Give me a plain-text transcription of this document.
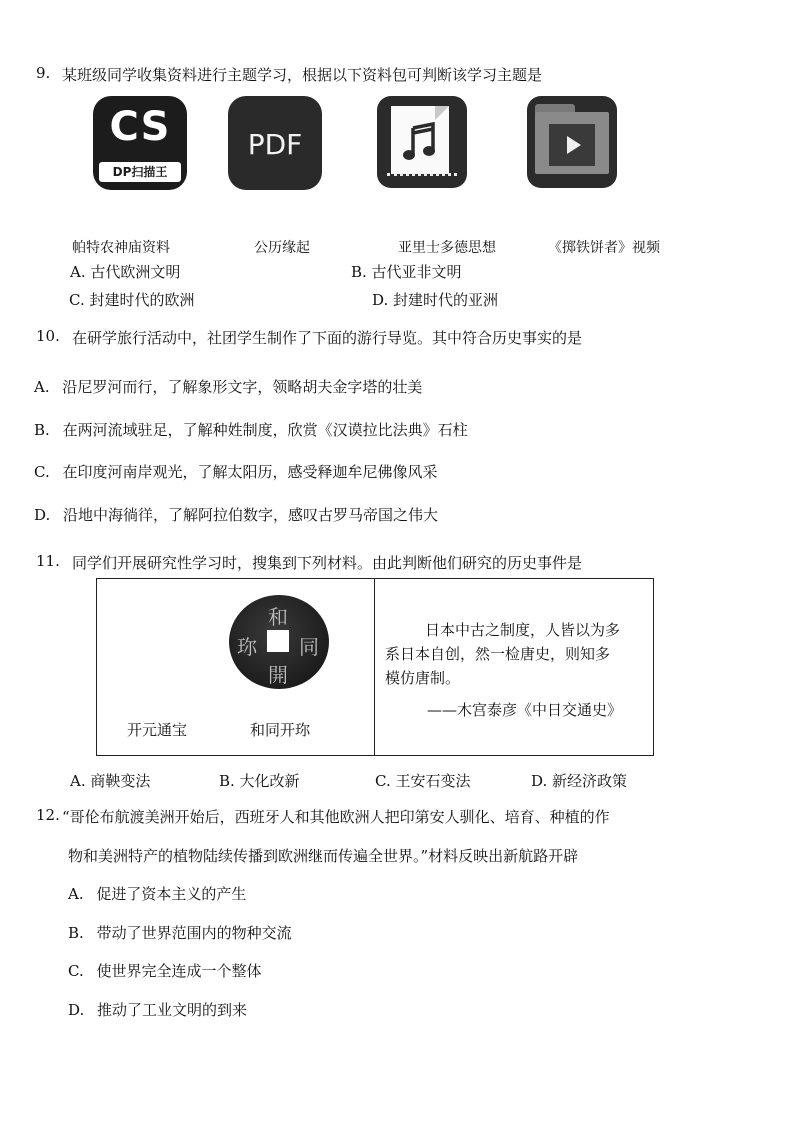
9. 某班级同学收集资料进行主题学习，根据以下资料包可判断该学习主题是
CS
DP扫描王
PDF
帕特农神庙资料	公历缘起	亚里士多德思想	《掷铁饼者》视频
A. 古代欧洲文明	B. 古代亚非文明
C. 封建时代的欧洲	D. 封建时代的亚洲
10. 在研学旅行活动中，社团学生制作了下面的游行导览。其中符合历史事实的是
A. 沿尼罗河而行，了解象形文字，领略胡夫金字塔的壮美
B. 在两河流域驻足，了解种姓制度，欣赏《汉谟拉比法典》石柱
C. 在印度河南岸观光，了解太阳历，感受释迦牟尼佛像风采
D. 沿地中海徜徉，了解阿拉伯数字，感叹古罗马帝国之伟大
11. 同学们开展研究性学习时，搜集到下列材料。由此判断他们研究的历史事件是
和
同
開
珎
开元通宝	和同开珎
日本中古之制度，人皆以为多
系日本自创，然一检唐史，则知多
模仿唐制。
——木宫泰彦《中日交通史》
A. 商鞅变法	B. 大化改新	C. 王安石变法	D. 新经济政策
12. “哥伦布航渡美洲开始后，西班牙人和其他欧洲人把印第安人驯化、培育、种植的作
物和美洲特产的植物陆续传播到欧洲继而传遍全世界。”材料反映出新航路开辟
A. 促进了资本主义的产生
B. 带动了世界范围内的物种交流
C. 使世界完全连成一个整体
D. 推动了工业文明的到来
